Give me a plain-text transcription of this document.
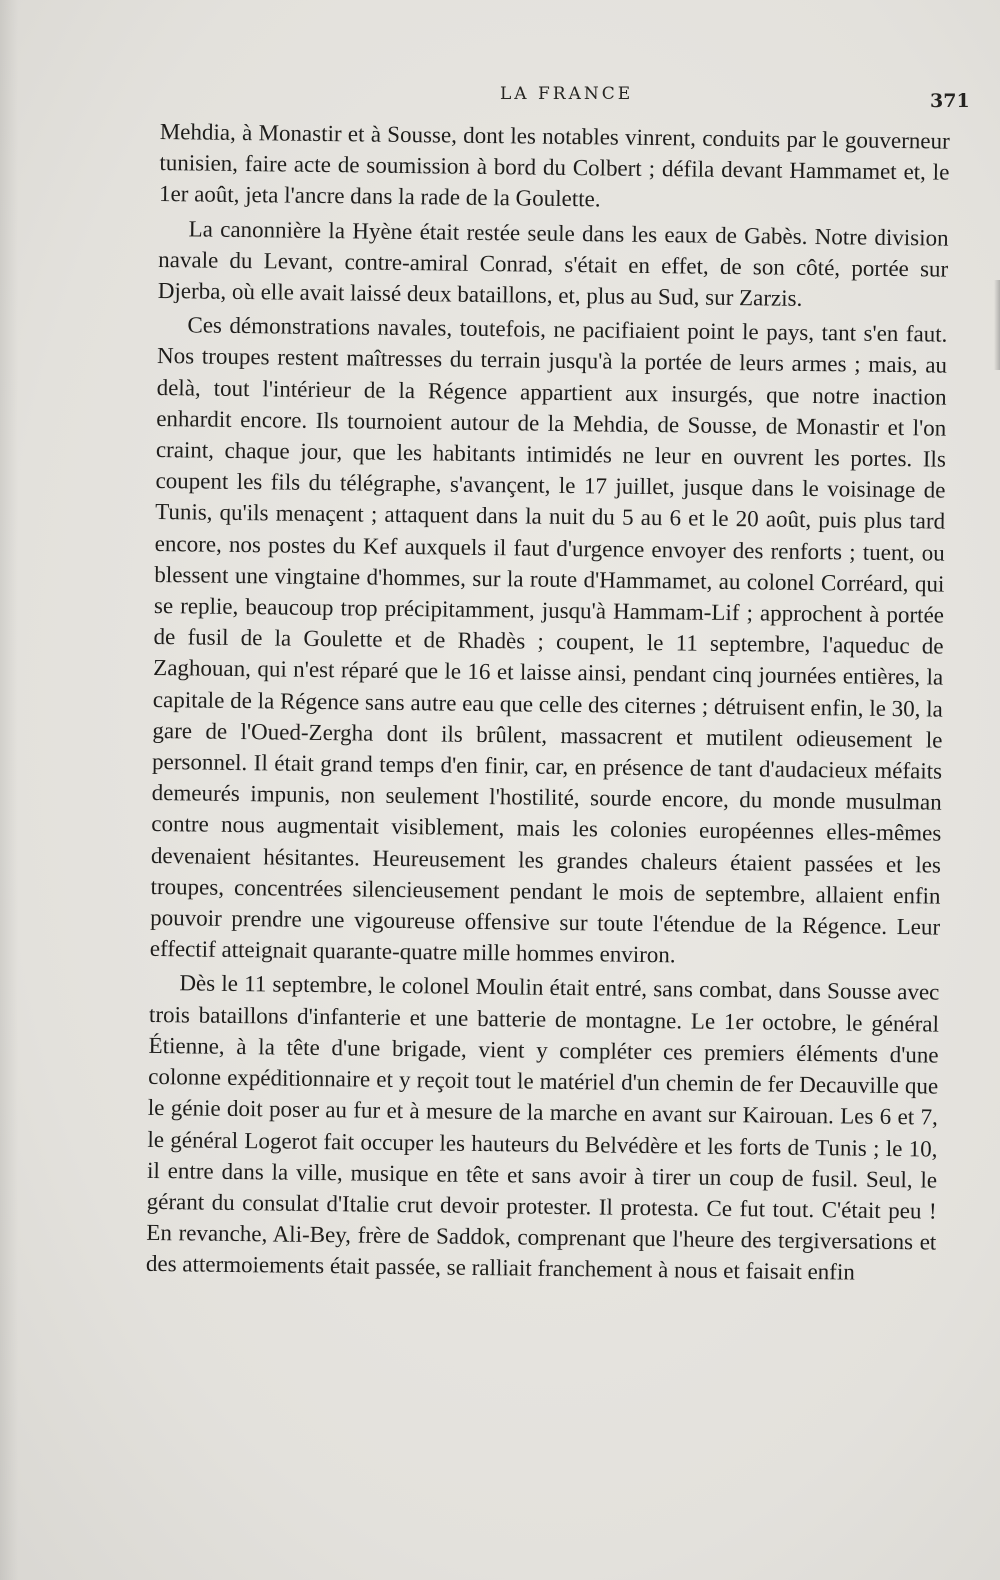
LA FRANCE	371

Mehdia, à Monastir et à Sousse, dont les notables vinrent, conduits par le gouverneur tunisien, faire acte de soumission à bord du Colbert ; défila devant Hammamet et, le 1er août, jeta l'ancre dans la rade de la Goulette.

La canonnière la Hyène était restée seule dans les eaux de Gabès. Notre division navale du Levant, contre-amiral Conrad, s'était en effet, de son côté, portée sur Djerba, où elle avait laissé deux bataillons, et, plus au Sud, sur Zarzis.

Ces démonstrations navales, toutefois, ne pacifiaient point le pays, tant s'en faut. Nos troupes restent maîtresses du terrain jusqu'à la portée de leurs armes ; mais, au delà, tout l'intérieur de la Régence appartient aux insurgés, que notre inaction enhardit encore. Ils tournoient autour de la Mehdia, de Sousse, de Monastir et l'on craint, chaque jour, que les habitants intimidés ne leur en ouvrent les portes. Ils coupent les fils du télégraphe, s'avançent, le 17 juillet, jusque dans le voisinage de Tunis, qu'ils menaçent ; attaquent dans la nuit du 5 au 6 et le 20 août, puis plus tard encore, nos postes du Kef auxquels il faut d'urgence envoyer des renforts ; tuent, ou blessent une vingtaine d'hommes, sur la route d'Hammamet, au colonel Corréard, qui se replie, beaucoup trop précipitamment, jusqu'à Hammam-Lif ; approchent à portée de fusil de la Goulette et de Rhadès ; coupent, le 11 septembre, l'aqueduc de Zaghouan, qui n'est réparé que le 16 et laisse ainsi, pendant cinq journées entières, la capitale de la Régence sans autre eau que celle des citernes ; détruisent enfin, le 30, la gare de l'Oued-Zergha dont ils brûlent, massacrent et mutilent odieusement le personnel. Il était grand temps d'en finir, car, en présence de tant d'audacieux méfaits demeurés impunis, non seulement l'hostilité, sourde encore, du monde musulman contre nous augmentait visiblement, mais les colonies européennes elles-mêmes devenaient hésitantes. Heureusement les grandes chaleurs étaient passées et les troupes, concentrées silencieusement pendant le mois de septembre, allaient enfin pouvoir prendre une vigoureuse offensive sur toute l'étendue de la Régence. Leur effectif atteignait quarante-quatre mille hommes environ.

Dès le 11 septembre, le colonel Moulin était entré, sans combat, dans Sousse avec trois bataillons d'infanterie et une batterie de montagne. Le 1er octobre, le général Étienne, à la tête d'une brigade, vient y compléter ces premiers éléments d'une colonne expéditionnaire et y reçoit tout le matériel d'un chemin de fer Decauville que le génie doit poser au fur et à mesure de la marche en avant sur Kairouan. Les 6 et 7, le général Logerot fait occuper les hauteurs du Belvédère et les forts de Tunis ; le 10, il entre dans la ville, musique en tête et sans avoir à tirer un coup de fusil. Seul, le gérant du consulat d'Italie crut devoir protester. Il protesta. Ce fut tout. C'était peu ! En revanche, Ali-Bey, frère de Saddok, comprenant que l'heure des tergiversations et des attermoiements était passée, se ralliait franchement à nous et faisait enfin
